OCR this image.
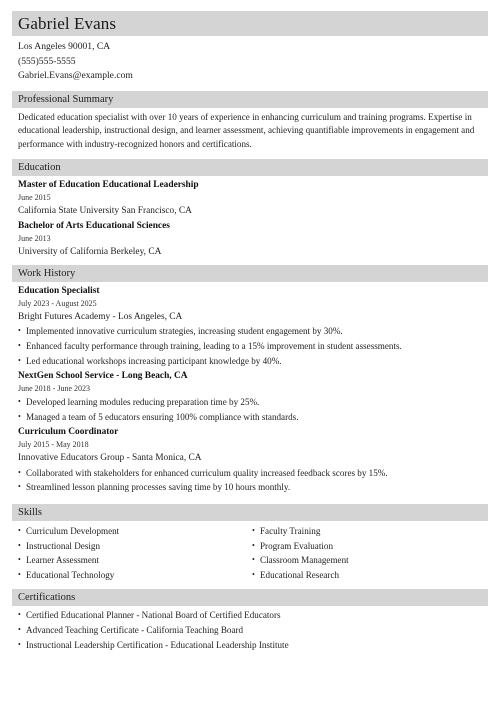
Gabriel Evans
Los Angeles 90001, CA
(555)555-5555
Gabriel.Evans@example.com
Professional Summary

Dedicated education specialist with over 10 years of experience in enhancing curriculum and training programs. Expertise in educational leadership, instructional design, and learner assessment, achieving quantifiable improvements in engagement and performance with industry-recognized honors and certifications.

Education
Master of Education Educational Leadership
June 2015
California State University San Francisco, CA
Bachelor of Arts Educational Sciences
June 2013
University of California Berkeley, CA
Work History
Education Specialist
July 2023 - August 2025
Bright Futures Academy - Los Angeles, CA
• Implemented innovative curriculum strategies, increasing student engagement by 30%.
• Enhanced faculty performance through training, leading to a 15% improvement in student assessments.
• Led educational workshops increasing participant knowledge by 40%.
NextGen School Service - Long Beach, CA
June 2018 - June 2023
• Developed learning modules reducing preparation time by 25%.
• Managed a team of 5 educators ensuring 100% compliance with standards.
Curriculum Coordinator
July 2015 - May 2018
Innovative Educators Group - Santa Monica, CA
• Collaborated with stakeholders for enhanced curriculum quality increased feedback scores by 15%.
• Streamlined lesson planning processes saving time by 10 hours monthly.
Skills
• Curriculum Development
• Instructional Design
• Learner Assessment
• Educational Technology
• Faculty Training
• Program Evaluation
• Classroom Management
• Educational Research
Certifications
• Certified Educational Planner - National Board of Certified Educators
• Advanced Teaching Certificate - California Teaching Board
• Instructional Leadership Certification - Educational Leadership Institute
